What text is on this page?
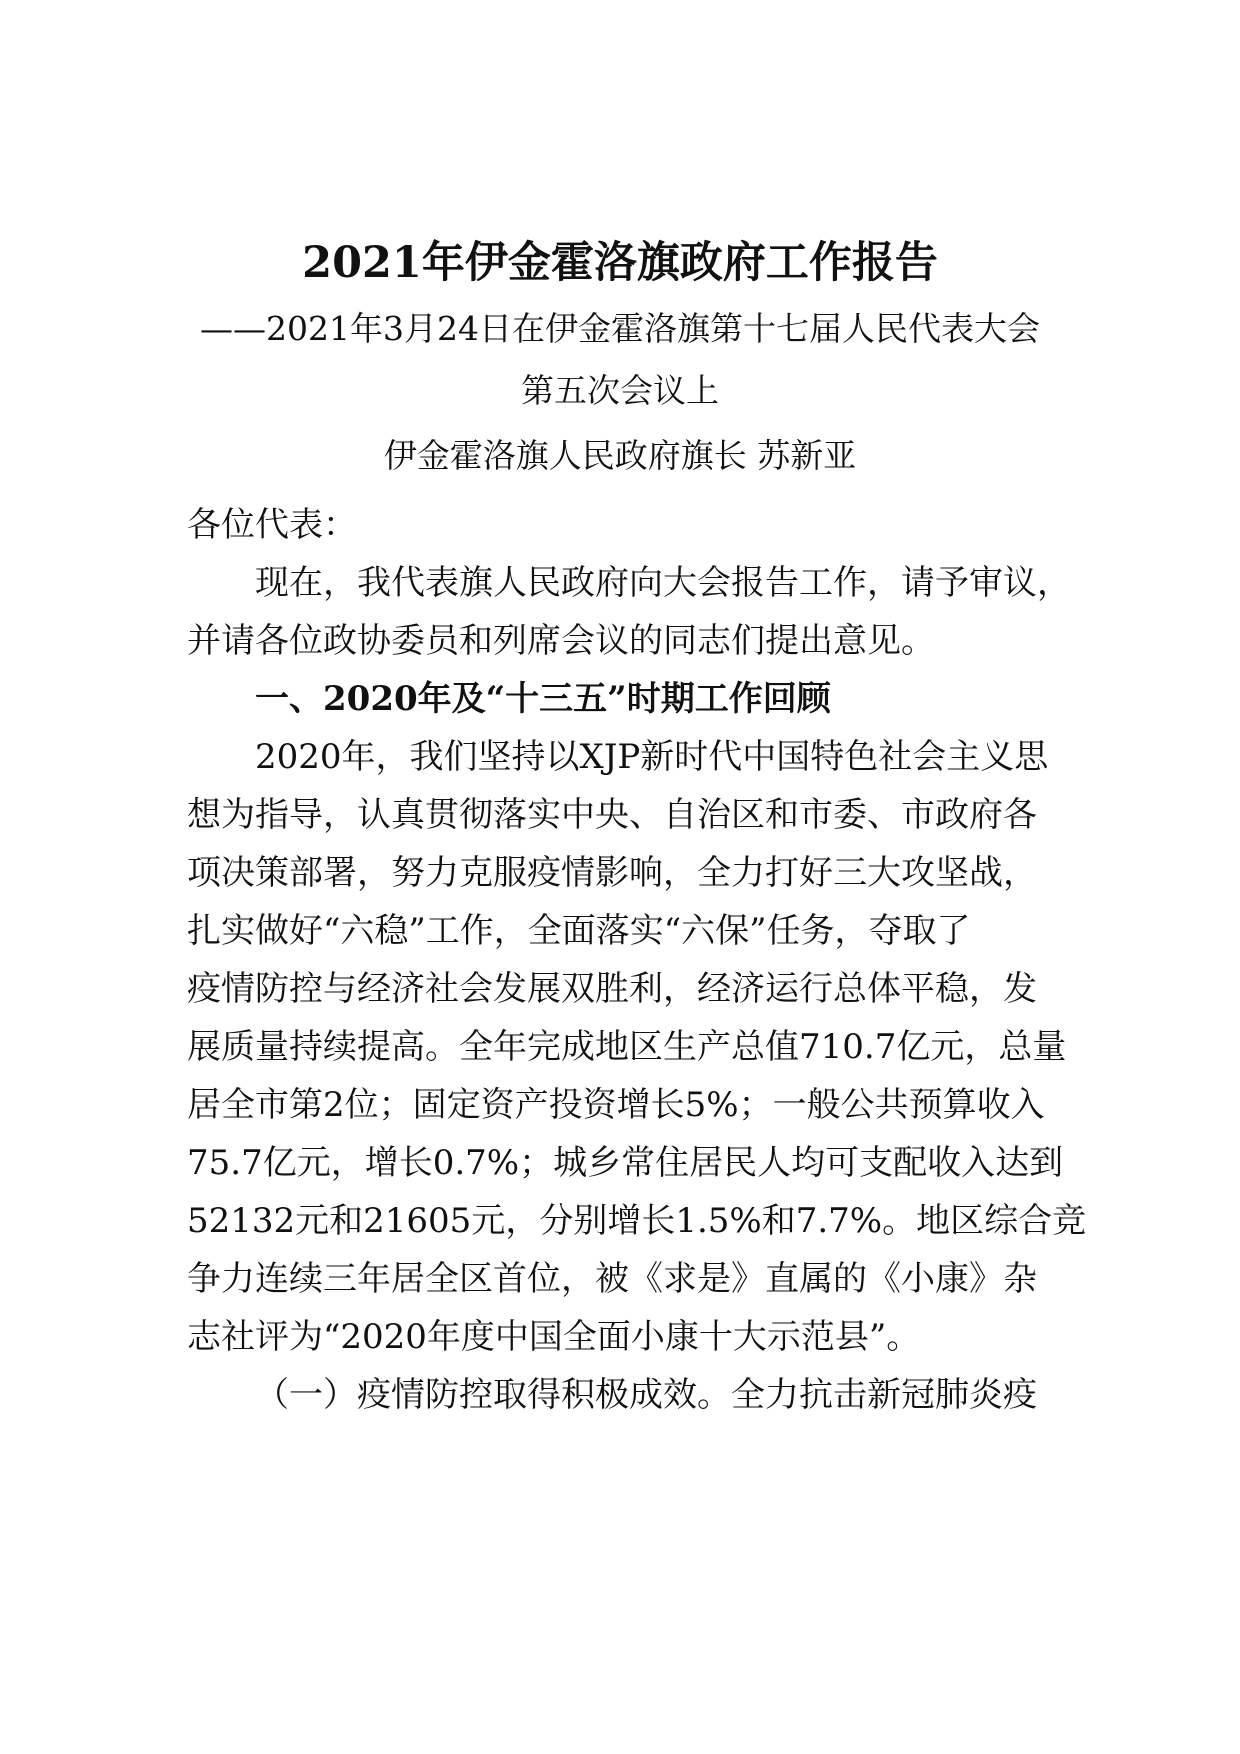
2021年伊金霍洛旗政府工作报告
——2021年3月24日在伊金霍洛旗第十七届人民代表大会
第五次会议上
伊金霍洛旗人民政府旗长 苏新亚
各位代表：
现在，我代表旗人民政府向大会报告工作，请予审议，
并请各位政协委员和列席会议的同志们提出意见。
一、2020年及“十三五”时期工作回顾
2020年，我们坚持以XJP新时代中国特色社会主义思
想为指导，认真贯彻落实中央、自治区和市委、市政府各
项决策部署，努力克服疫情影响，全力打好三大攻坚战，
扎实做好“六稳”工作，全面落实“六保”任务，夺取了
疫情防控与经济社会发展双胜利，经济运行总体平稳，发
展质量持续提高。全年完成地区生产总值710.7亿元，总量
居全市第2位；固定资产投资增长5%；一般公共预算收入
75.7亿元，增长0.7%；城乡常住居民人均可支配收入达到
52132元和21605元，分别增长1.5%和7.7%。地区综合竞
争力连续三年居全区首位，被《求是》直属的《小康》杂
志社评为“2020年度中国全面小康十大示范县”。
（一）疫情防控取得积极成效。全力抗击新冠肺炎疫
